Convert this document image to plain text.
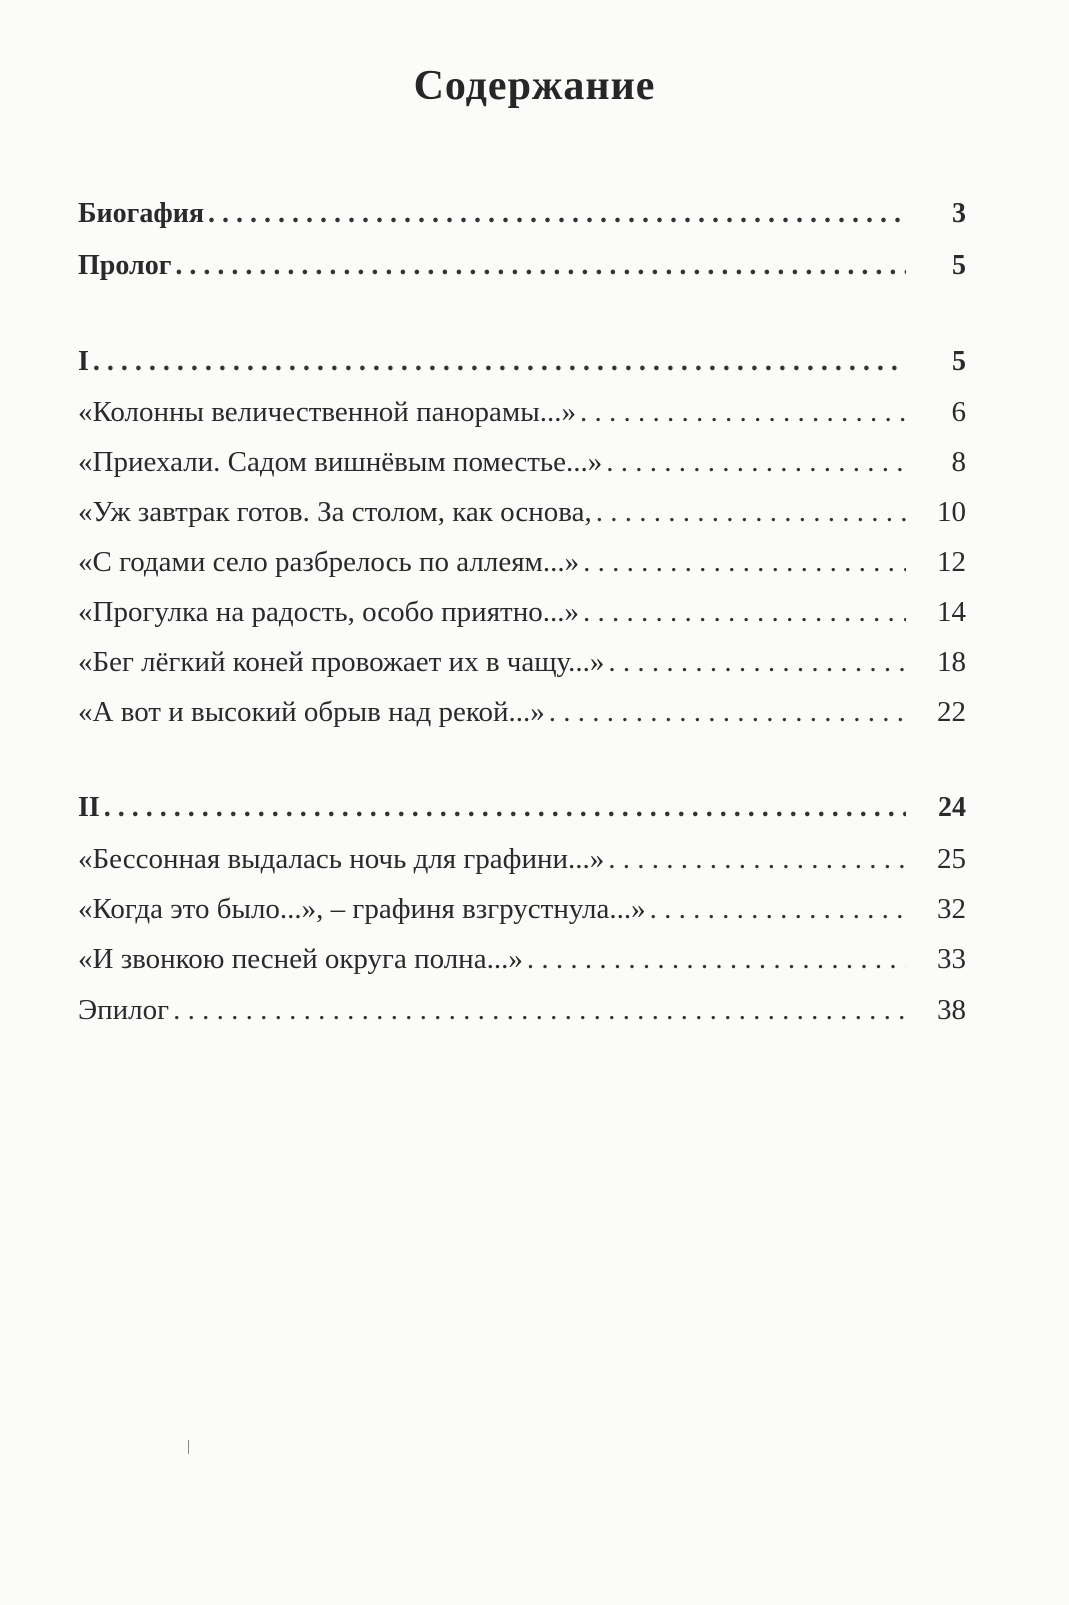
Содержание
Биогафия . . .	3
Пролог . . .	5
I . . .	5
«Колонны величественной панорамы...» . . .	6
«Приехали. Садом вишнёвым поместье...» . . .	8
«Уж завтрак готов. За столом, как основа, . . .	10
«С годами село разбрелось по аллеям...» . . .	12
«Прогулка на радость, особо приятно...» . . .	14
«Бег лёгкий коней провожает их в чащу...» . . .	18
«А вот и высокий обрыв над рекой...» . . .	22
II . . .	24
«Бессонная выдалась ночь для графини...» . . .	25
«Когда это было...», – графиня взгрустнула...» . . .	32
«И звонкою песней округа полна...» . . .	33
Эпилог . . .	38
